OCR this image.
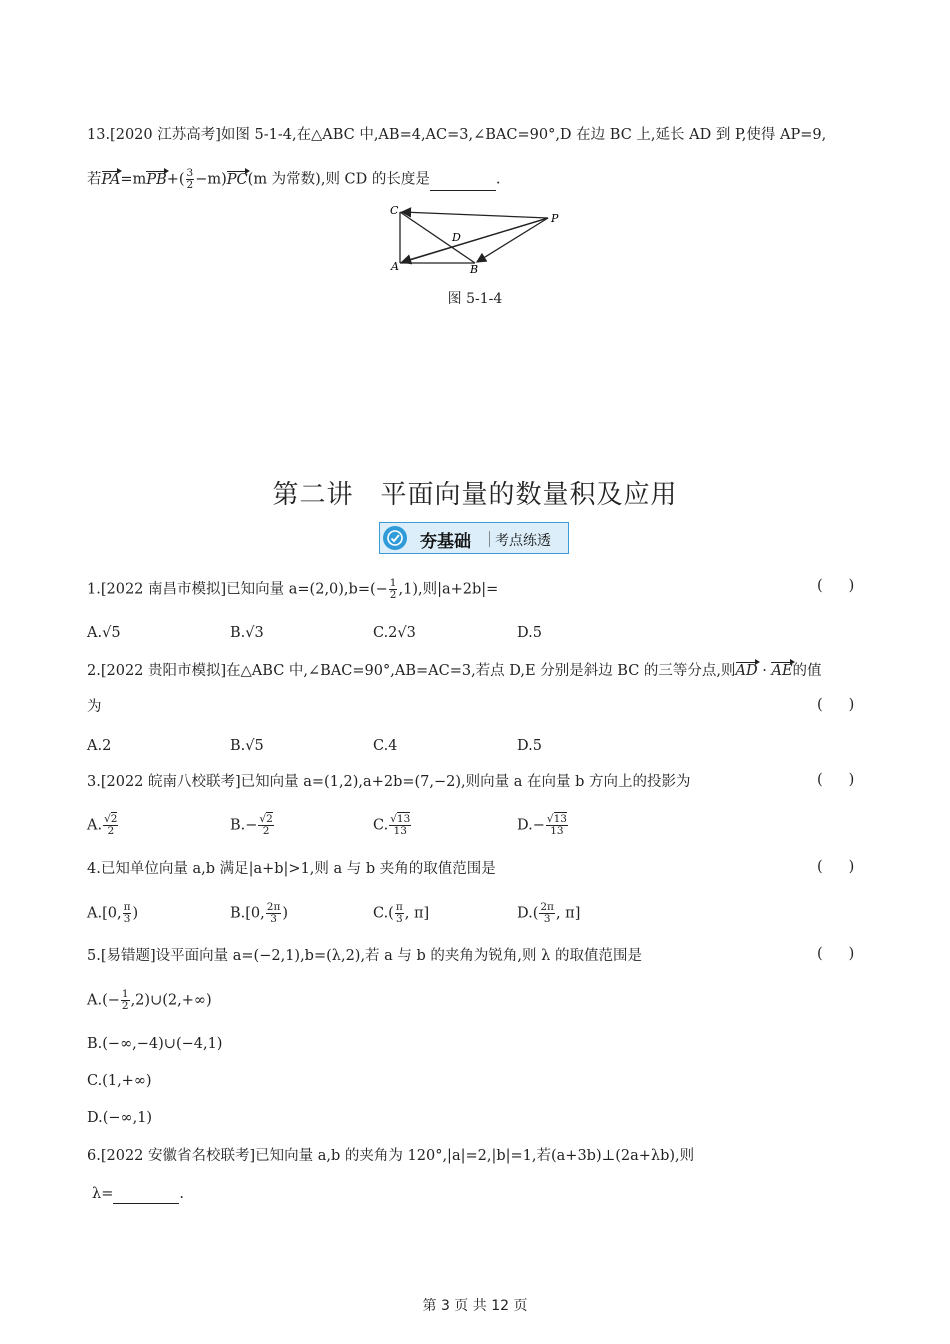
13.[2020 江苏高考]如图 5-1-4,在△ABC 中,AB=4,AC=3,∠BAC=90°,D 在边 BC 上,延长 AD 到 P,使得 AP=9,
若$PA=mPB+( \frac{3}{2} -m)PC(m$ 为常数),则 CD 的长度是	.
C
P
D
A	B
图 5-1-4
第二讲　平面向量的数量积及应用
夯基础 考点练透
1.[2022 南昌市模拟]已知向量 $a=(2,0),b=(- \frac{1}{2} ,1)$,则|a+2b|=	()
A.√5	B.√3	C.2√3	D.5
2.[2022 贵阳市模拟]在△ABC 中,∠BAC=90°,AB=AC=3,若点 D,E 分别是斜边 BC 的三等分点,则AD · AE的值
为	()
A.2	B.√5	C.4	D.5
3.[2022 皖南八校联考]已知向量 a=(1,2),a+2b=(7,−2),则向量 a 在向量 b 方向上的投影为	()
A. $\frac{√2}{2}$	$B.- \frac{√2}{2}$	C. $\frac{√13}{13}$	$D.- \frac{√13}{13}$
4.已知单位向量 a,b 满足|a+b|>1,则 a 与 b 夹角的取值范围是	()
A.[0, $\frac{\pi}{3}$ )	B.[0, $\frac{2\pi}{3}$ )	$C.( \frac{\pi}{3}$ , π]	$D.( \frac{2\pi}{3}$ , π]
5.[易错题]设平面向量 a=(−2,1),b=(λ,2),若 a 与 b 的夹角为锐角,则 λ 的取值范围是	()
$A.(- \frac{1}{2}$ ,2)∪(2,+∞)
B.(−∞,−4)∪(−4,1)
C.(1,+∞)
D.(−∞,1)
6.[2022 安徽省名校联考]已知向量 a,b 的夹角为 120°,|a|=2,|b|=1,若(a+3b)⊥(2a+λb),则
λ=	.
第 3 页 共 12 页
